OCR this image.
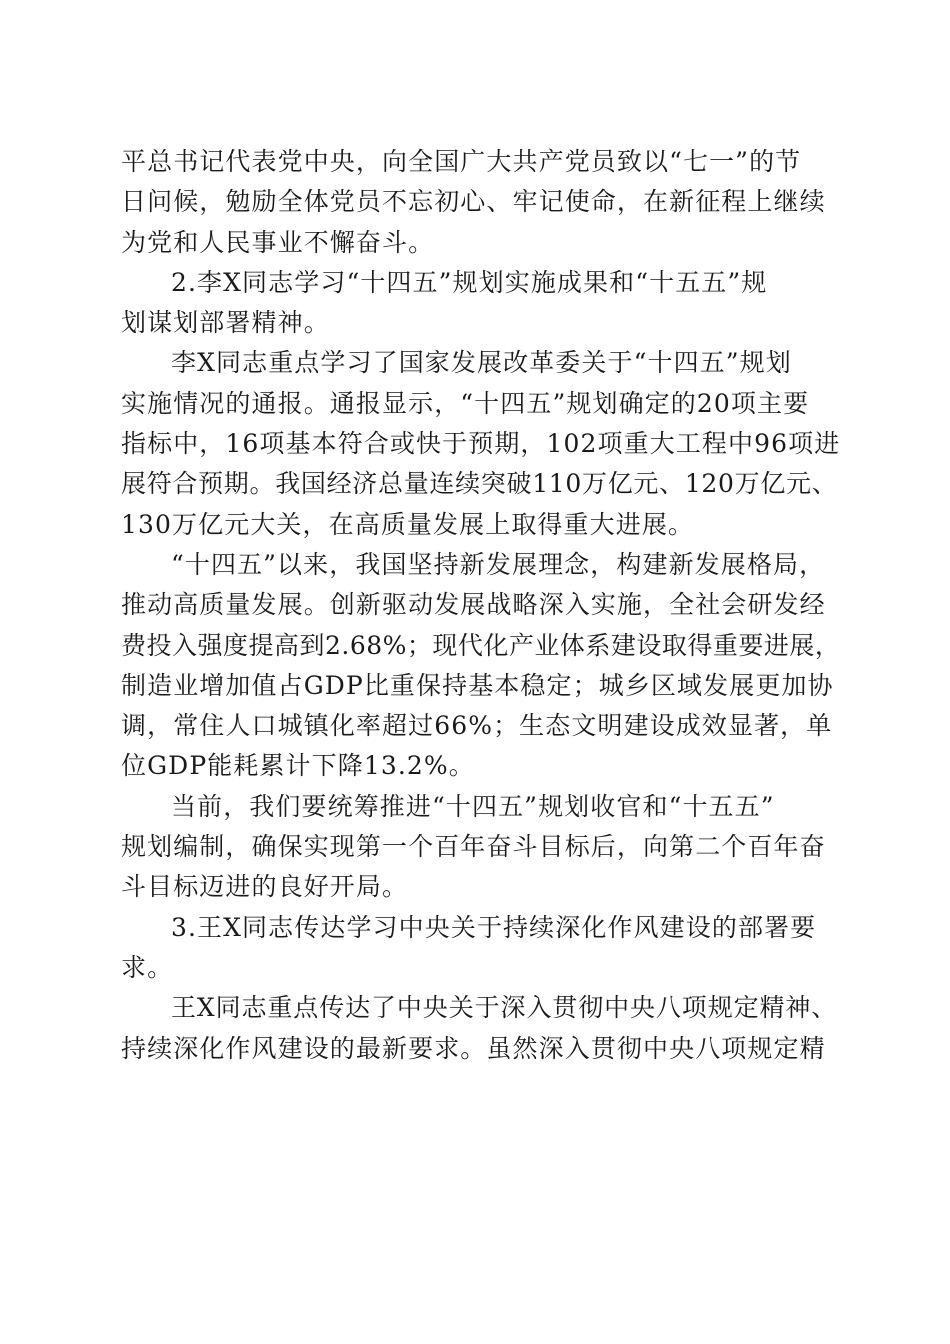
平总书记代表党中央，向全国广大共产党员致以“七一”的节
日问候，勉励全体党员不忘初心、牢记使命，在新征程上继续
为党和人民事业不懈奋斗。
2.李X同志学习“十四五”规划实施成果和“十五五”规
划谋划部署精神。
李X同志重点学习了国家发展改革委关于“十四五”规划
实施情况的通报。通报显示，“十四五”规划确定的20项主要
指标中，16项基本符合或快于预期，102项重大工程中96项进
展符合预期。我国经济总量连续突破110万亿元、120万亿元、
130万亿元大关，在高质量发展上取得重大进展。
“十四五”以来，我国坚持新发展理念，构建新发展格局，
推动高质量发展。创新驱动发展战略深入实施，全社会研发经
费投入强度提高到2.68%；现代化产业体系建设取得重要进展，
制造业增加值占GDP比重保持基本稳定；城乡区域发展更加协
调，常住人口城镇化率超过66%；生态文明建设成效显著，单
位GDP能耗累计下降13.2%。
当前，我们要统筹推进“十四五”规划收官和“十五五”
规划编制，确保实现第一个百年奋斗目标后，向第二个百年奋
斗目标迈进的良好开局。
3.王X同志传达学习中央关于持续深化作风建设的部署要
求。
王X同志重点传达了中央关于深入贯彻中央八项规定精神、
持续深化作风建设的最新要求。虽然深入贯彻中央八项规定精
